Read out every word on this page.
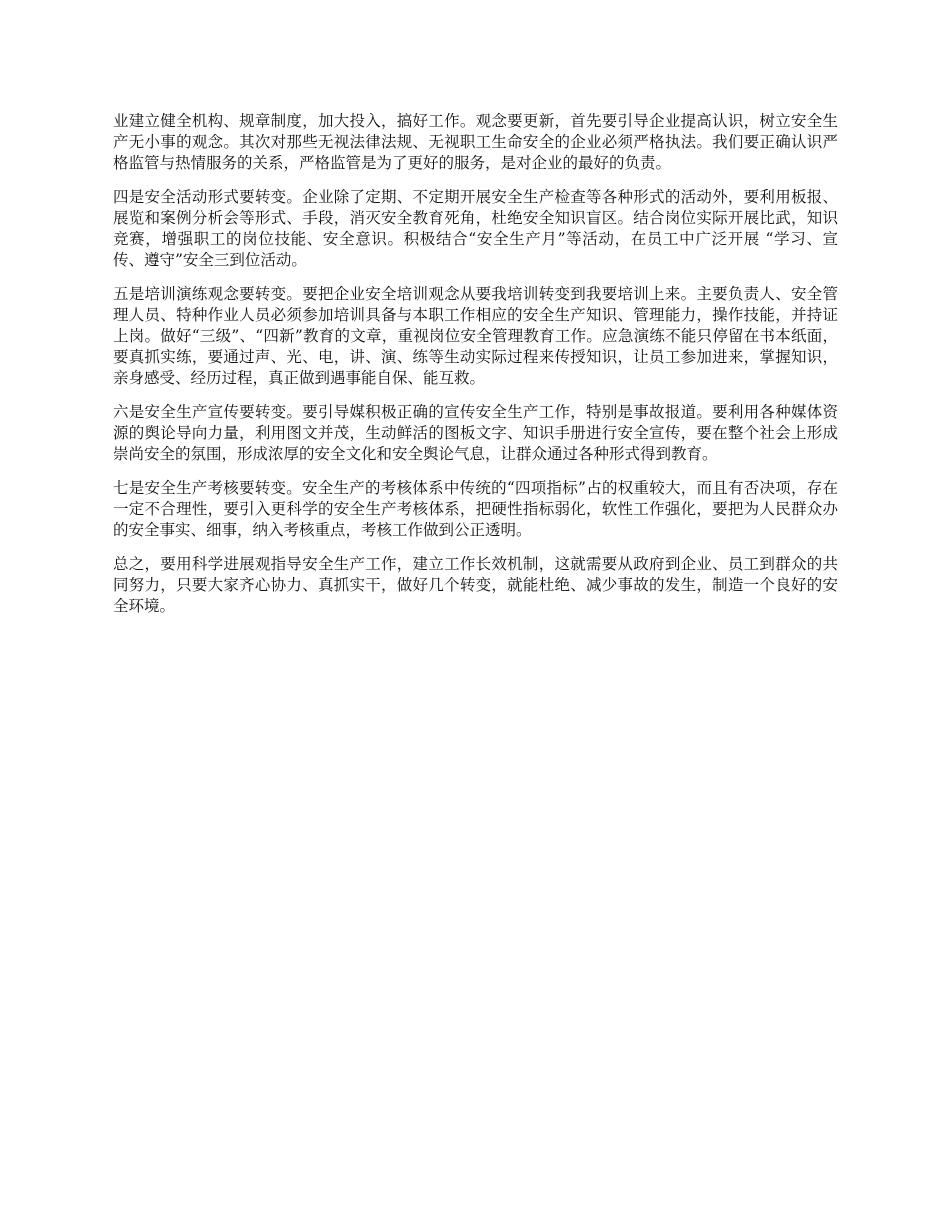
业建立健全机构、规章制度，加大投入，搞好工作。观念要更新，首先要引导企业提高认识，树立安全生产无小事的观念。其次对那些无视法律法规、无视职工生命安全的企业必须严格执法。我们要正确认识严格监管与热情服务的关系，严格监管是为了更好的服务，是对企业的最好的负责。

四是安全活动形式要转变。企业除了定期、不定期开展安全生产检查等各种形式的活动外，要利用板报、展览和案例分析会等形式、手段，消灭安全教育死角，杜绝安全知识盲区。结合岗位实际开展比武，知识竞赛，增强职工的岗位技能、安全意识。积极结合“安全生产月”等活动，在员工中广泛开展 “学习、宣传、遵守”安全三到位活动。

五是培训演练观念要转变。要把企业安全培训观念从要我培训转变到我要培训上来。主要负责人、安全管理人员、特种作业人员必须参加培训具备与本职工作相应的安全生产知识、管理能力，操作技能，并持证上岗。做好“三级”、“四新”教育的文章，重视岗位安全管理教育工作。应急演练不能只停留在书本纸面，要真抓实练，要通过声、光、电，讲、演、练等生动实际过程来传授知识，让员工参加进来，掌握知识，亲身感受、经历过程，真正做到遇事能自保、能互救。

六是安全生产宣传要转变。要引导媒积极正确的宣传安全生产工作，特别是事故报道。要利用各种媒体资源的舆论导向力量，利用图文并茂，生动鲜活的图板文字、知识手册进行安全宣传，要在整个社会上形成崇尚安全的氛围，形成浓厚的安全文化和安全舆论气息，让群众通过各种形式得到教育。

七是安全生产考核要转变。安全生产的考核体系中传统的“四项指标”占的权重较大，而且有否决项，存在一定不合理性，要引入更科学的安全生产考核体系，把硬性指标弱化，软性工作强化，要把为人民群众办的安全事实、细事，纳入考核重点，考核工作做到公正透明。

总之，要用科学进展观指导安全生产工作，建立工作长效机制，这就需要从政府到企业、员工到群众的共同努力，只要大家齐心协力、真抓实干，做好几个转变，就能杜绝、减少事故的发生，制造一个良好的安全环境。
